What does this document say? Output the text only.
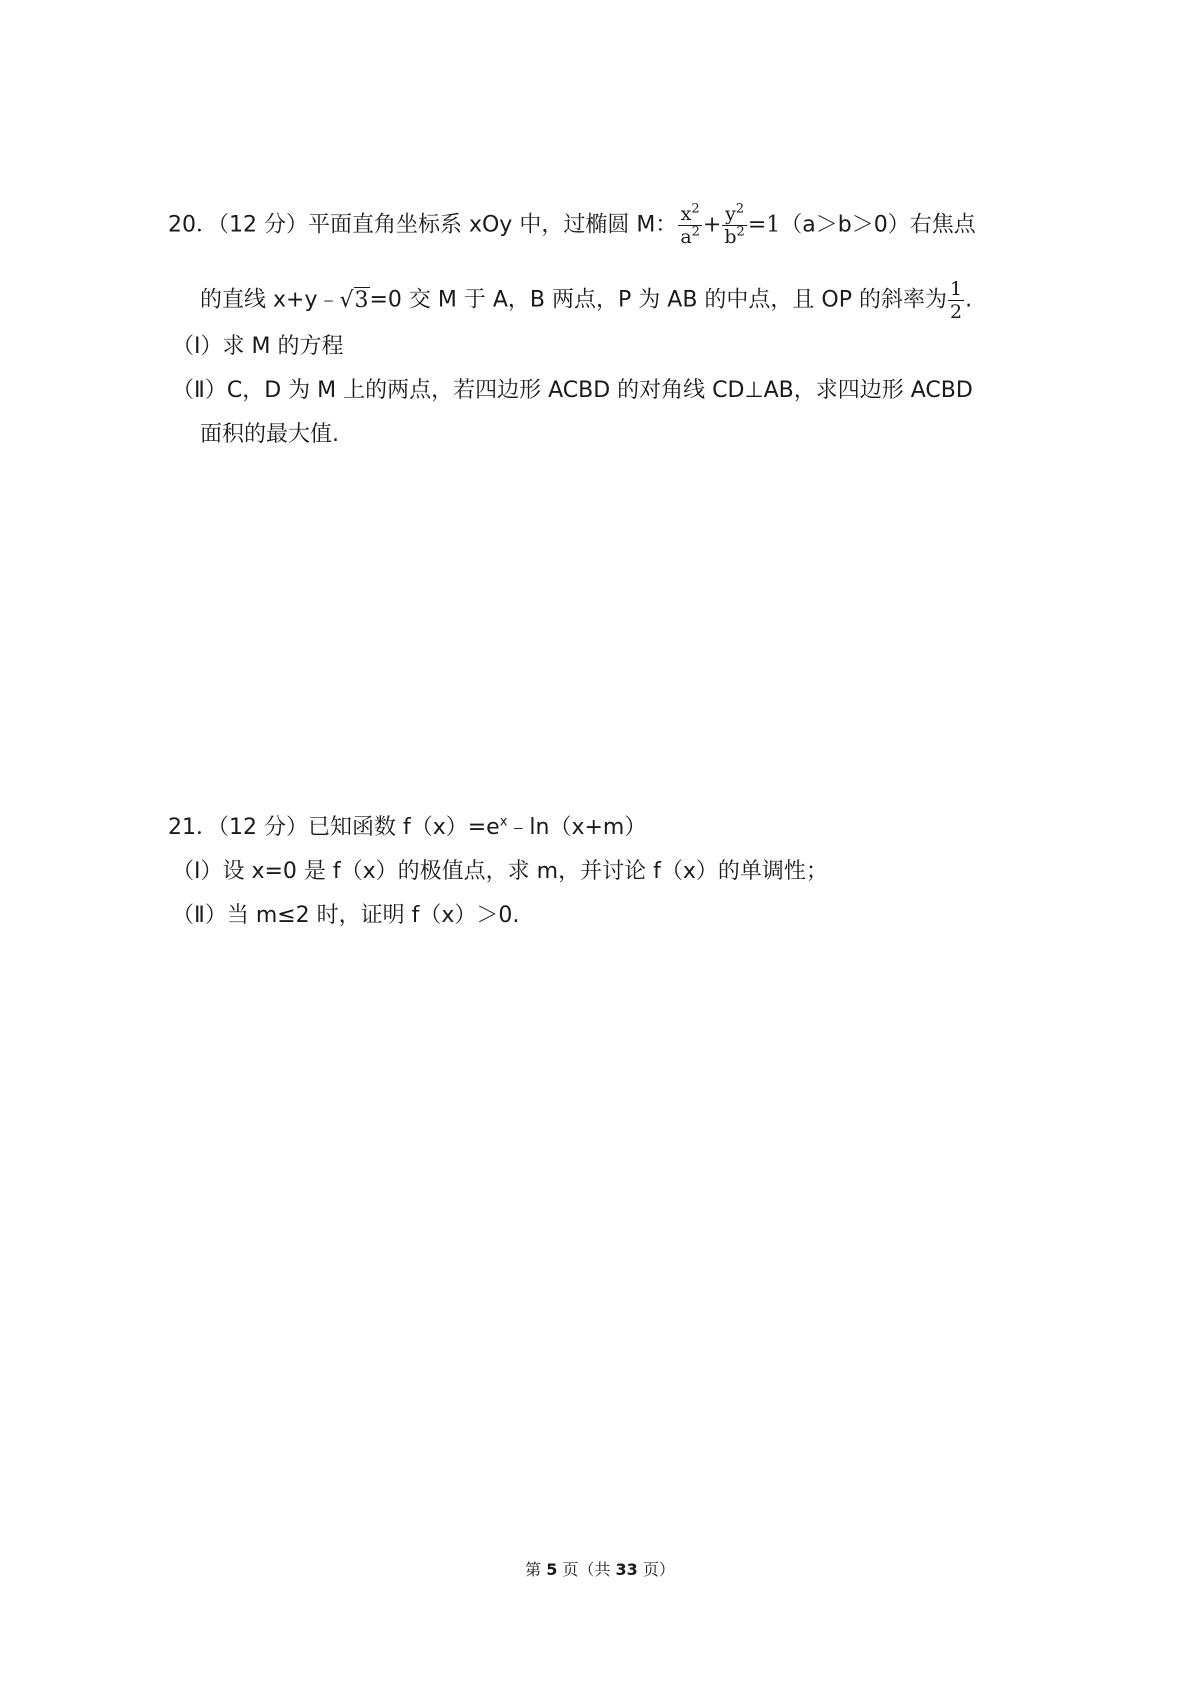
20．（12 分）平面直角坐标系 xOy 中，过椭圆 M： $\frac{x^2}{a^2} + \frac{y^2}{b^2} =1(a>b>0)$右焦点
的直线 x+y﹣√3=0 交 M 于 A，B 两点，P 为 AB 的中点，且 OP 的斜率为 $\frac{1}{2}$ .
（Ⅰ）求 M 的方程
（Ⅱ）C，D 为 M 上的两点，若四边形 ACBD 的对角线 CD⊥AB，求四边形 ACBD
面积的最大值.
21．（12 分）已知函数 $f(x)=e^x﹣\ln(x+m)$
（I）设 x=0 是 f（x）的极值点，求 m，并讨论 f（x）的单调性；
（Ⅱ）当 m≤2 时，证明 f（x）＞0.
第 5 页（共 33 页）
